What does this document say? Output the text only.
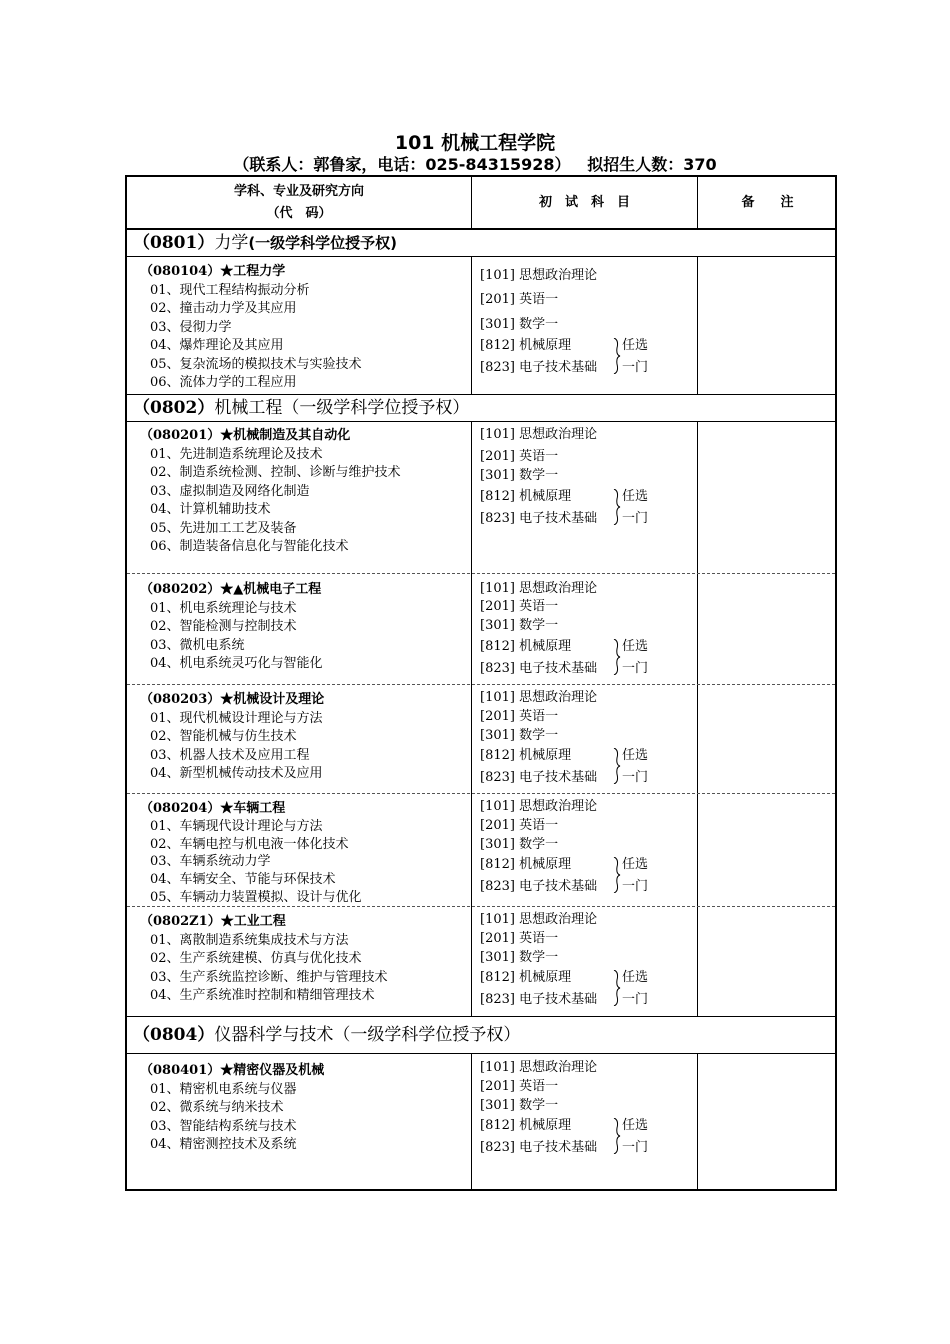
101 机械工程学院
（联系人：郭鲁家，电话：025-84315928）   拟招生人数：370
学科、专业及研究方向
（代　码）
初　试　科　目	备　　注
（0801）力学(一级学科学位授予权)
（080104）★工程力学
01、现代工程结构振动分析
02、撞击动力学及其应用
03、侵彻力学
04、爆炸理论及其应用
05、复杂流场的模拟技术与实验技术
06、流体力学的工程应用
[101] 思想政治理论
[201] 英语一
[301] 数学一
[812] 机械原理
[823] 电子技术基础
任选
一门
（0802）机械工程（一级学科学位授予权）
（080201）★机械制造及其自动化
01、先进制造系统理论及技术
02、制造系统检测、控制、诊断与维护技术
03、虚拟制造及网络化制造
04、计算机辅助技术
05、先进加工工艺及装备
06、制造装备信息化与智能化技术
[101] 思想政治理论
[201] 英语一
[301] 数学一
[812] 机械原理
[823] 电子技术基础
任选
一门
（080202）★▲机械电子工程
01、机电系统理论与技术
02、智能检测与控制技术
03、微机电系统
04、机电系统灵巧化与智能化
[101] 思想政治理论
[201] 英语一
[301] 数学一
[812] 机械原理
[823] 电子技术基础
任选
一门
（080203）★机械设计及理论
01、现代机械设计理论与方法
02、智能机械与仿生技术
03、机器人技术及应用工程
04、新型机械传动技术及应用
[101] 思想政治理论
[201] 英语一
[301] 数学一
[812] 机械原理
[823] 电子技术基础
任选
一门
（080204）★车辆工程
01、车辆现代设计理论与方法
02、车辆电控与机电液一体化技术
03、车辆系统动力学
04、车辆安全、节能与环保技术
05、车辆动力装置模拟、设计与优化
[101] 思想政治理论
[201] 英语一
[301] 数学一
[812] 机械原理
[823] 电子技术基础
任选
一门
（0802Z1）★工业工程
01、离散制造系统集成技术与方法
02、生产系统建模、仿真与优化技术
03、生产系统监控诊断、维护与管理技术
04、生产系统准时控制和精细管理技术
[101] 思想政治理论
[201] 英语一
[301] 数学一
[812] 机械原理
[823] 电子技术基础
任选
一门
（0804）仪器科学与技术（一级学科学位授予权）
（080401）★精密仪器及机械
01、精密机电系统与仪器
02、微系统与纳米技术
03、智能结构系统与技术
04、精密测控技术及系统
[101] 思想政治理论
[201] 英语一
[301] 数学一
[812] 机械原理
[823] 电子技术基础
任选
一门
